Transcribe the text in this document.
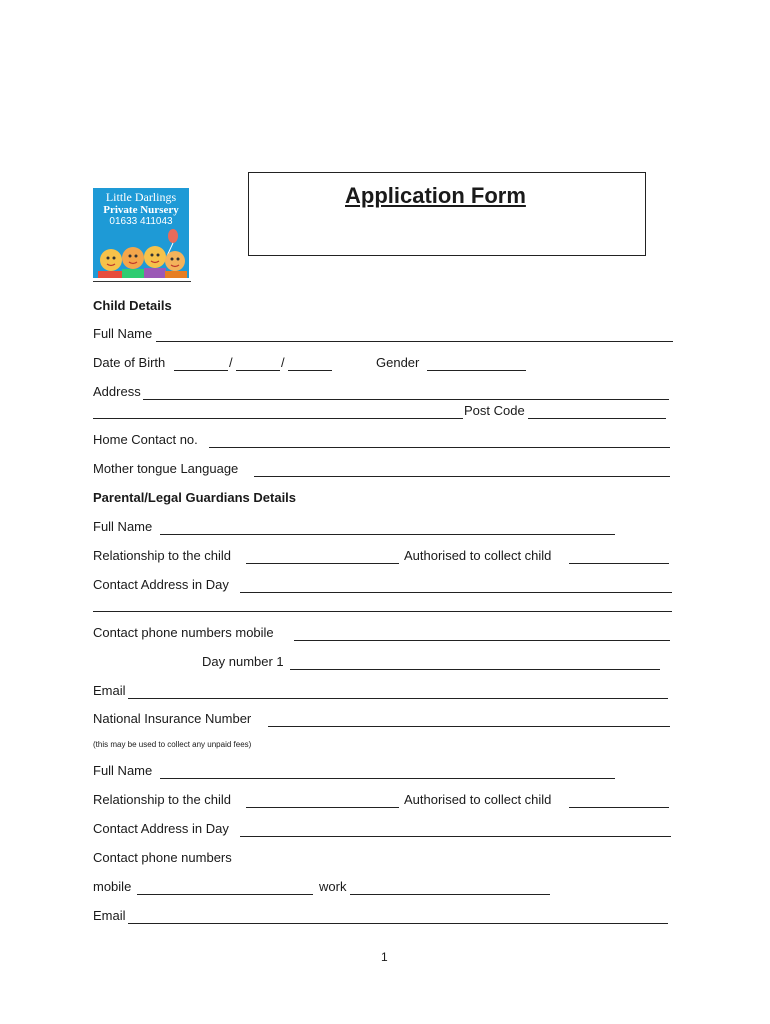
Little Darlings
Private Nursery
01633 411043
Application Form
Child Details
Full Name
Date of Birth	/	/	Gender
Address
Post Code
Home Contact no.
Mother tongue Language
Parental/Legal Guardians Details
Full Name
Relationship to the child	Authorised to collect child
Contact Address in Day
Contact phone numbers mobile
Day number 1
Email
National Insurance Number
(this may be used to collect any unpaid fees)
Full Name
Relationship to the child	Authorised to collect child
Contact Address in Day
Contact phone numbers
mobile	work
Email
1
